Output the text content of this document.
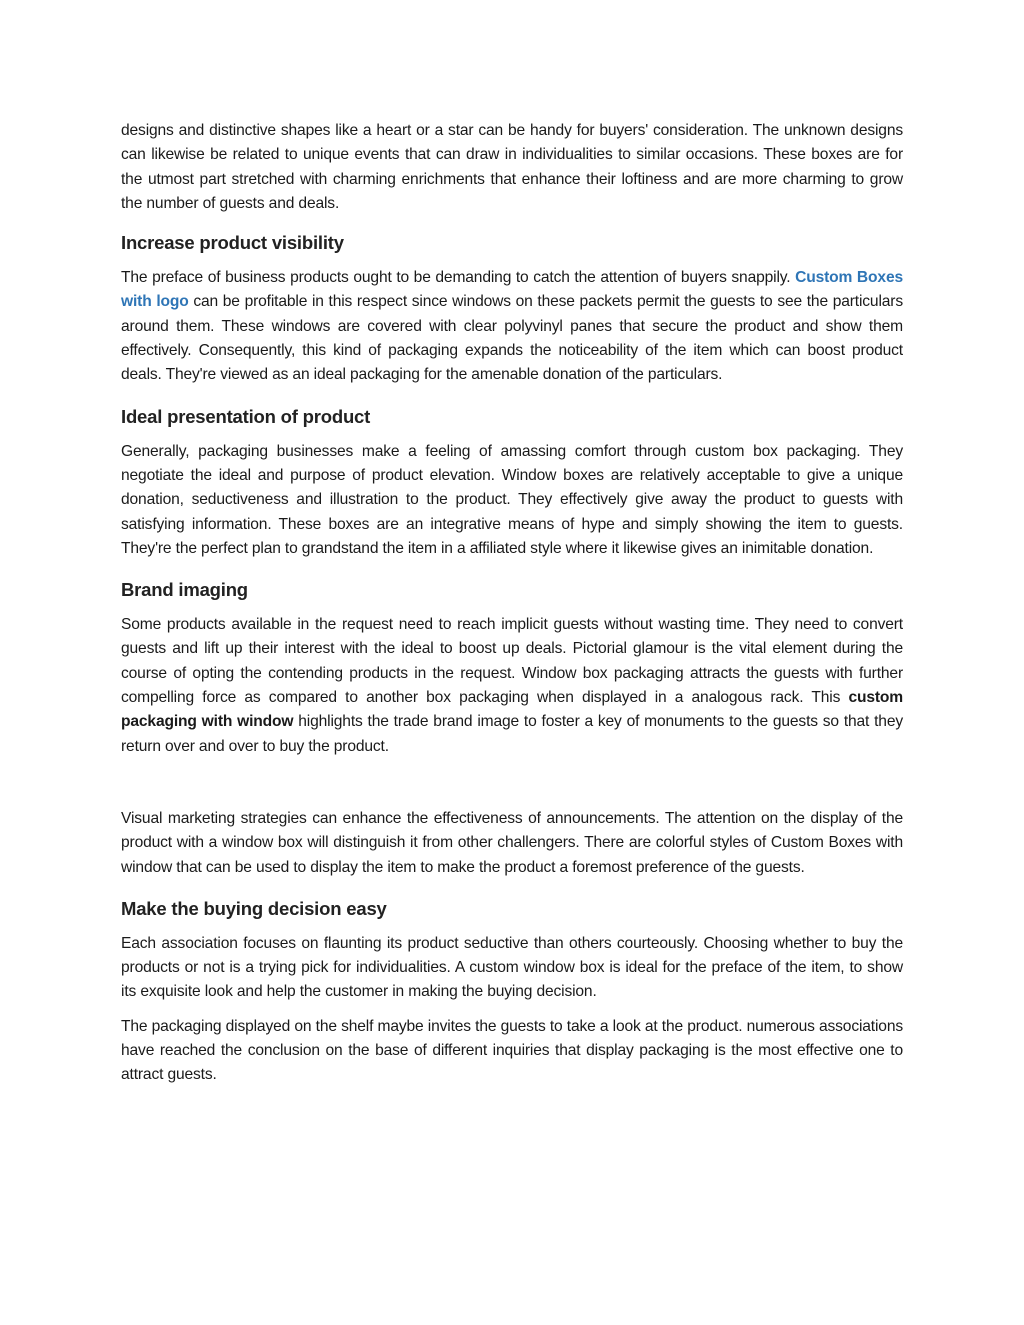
designs and distinctive shapes like a heart or a star can be handy for buyers' consideration. The unknown designs can likewise be related to unique events that can draw in individualities to similar occasions. These boxes are for the utmost part stretched with charming enrichments that enhance their loftiness and are more charming to grow the number of guests and deals.

Increase product visibility

The preface of business products ought to be demanding to catch the attention of buyers snappily. Custom Boxes with logo can be profitable in this respect since windows on these packets permit the guests to see the particulars around them. These windows are covered with clear polyvinyl panes that secure the product and show them effectively. Consequently, this kind of packaging expands the noticeability of the item which can boost product deals. They're viewed as an ideal packaging for the amenable donation of the particulars.

Ideal presentation of product

Generally, packaging businesses make a feeling of amassing comfort through custom box packaging. They negotiate the ideal and purpose of product elevation. Window boxes are relatively acceptable to give a unique donation, seductiveness and illustration to the product. They effectively give away the product to guests with satisfying information. These boxes are an integrative means of hype and simply showing the item to guests. They're the perfect plan to grandstand the item in a affiliated style where it likewise gives an inimitable donation.

Brand imaging

Some products available in the request need to reach implicit guests without wasting time. They need to convert guests and lift up their interest with the ideal to boost up deals. Pictorial glamour is the vital element during the course of opting the contending products in the request. Window box packaging attracts the guests with further compelling force as compared to another box packaging when displayed in a analogous rack. This custom packaging with window highlights the trade brand image to foster a key of monuments to the guests so that they return over and over to buy the product.

Visual marketing strategies can enhance the effectiveness of announcements. The attention on the display of the product with a window box will distinguish it from other challengers. There are colorful styles of Custom Boxes with window that can be used to display the item to make the product a foremost preference of the guests.

Make the buying decision easy

Each association focuses on flaunting its product seductive than others courteously. Choosing whether to buy the products or not is a trying pick for individualities. A custom window box is ideal for the preface of the item, to show its exquisite look and help the customer in making the buying decision.

The packaging displayed on the shelf maybe invites the guests to take a look at the product. numerous associations have reached the conclusion on the base of different inquiries that display packaging is the most effective one to attract guests.
